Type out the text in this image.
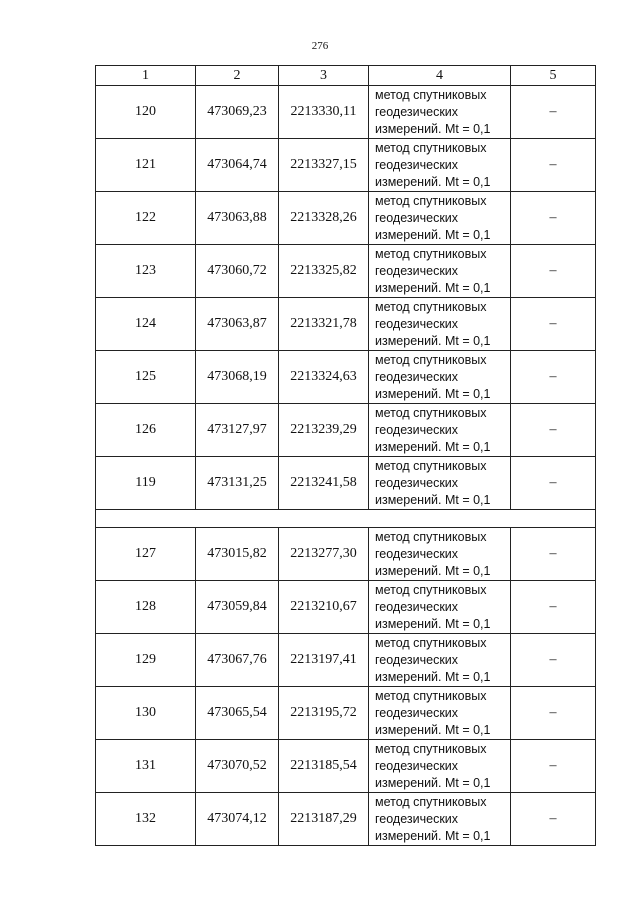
276
1	2	3	4	5
120	473069,23	2213330,11	метод спутниковых
геодезических
измерений. Mt = 0,1	–
121	473064,74	2213327,15	метод спутниковых
геодезических
измерений. Mt = 0,1	–
122	473063,88	2213328,26	метод спутниковых
геодезических
измерений. Mt = 0,1	–
123	473060,72	2213325,82	метод спутниковых
геодезических
измерений. Mt = 0,1	–
124	473063,87	2213321,78	метод спутниковых
геодезических
измерений. Mt = 0,1	–
125	473068,19	2213324,63	метод спутниковых
геодезических
измерений. Mt = 0,1	–
126	473127,97	2213239,29	метод спутниковых
геодезических
измерений. Mt = 0,1	–
119	473131,25	2213241,58	метод спутниковых
геодезических
измерений. Mt = 0,1	–

127	473015,82	2213277,30	метод спутниковых
геодезических
измерений. Mt = 0,1	–
128	473059,84	2213210,67	метод спутниковых
геодезических
измерений. Mt = 0,1	–
129	473067,76	2213197,41	метод спутниковых
геодезических
измерений. Mt = 0,1	–
130	473065,54	2213195,72	метод спутниковых
геодезических
измерений. Mt = 0,1	–
131	473070,52	2213185,54	метод спутниковых
геодезических
измерений. Mt = 0,1	–
132	473074,12	2213187,29	метод спутниковых
геодезических
измерений. Mt = 0,1	–
